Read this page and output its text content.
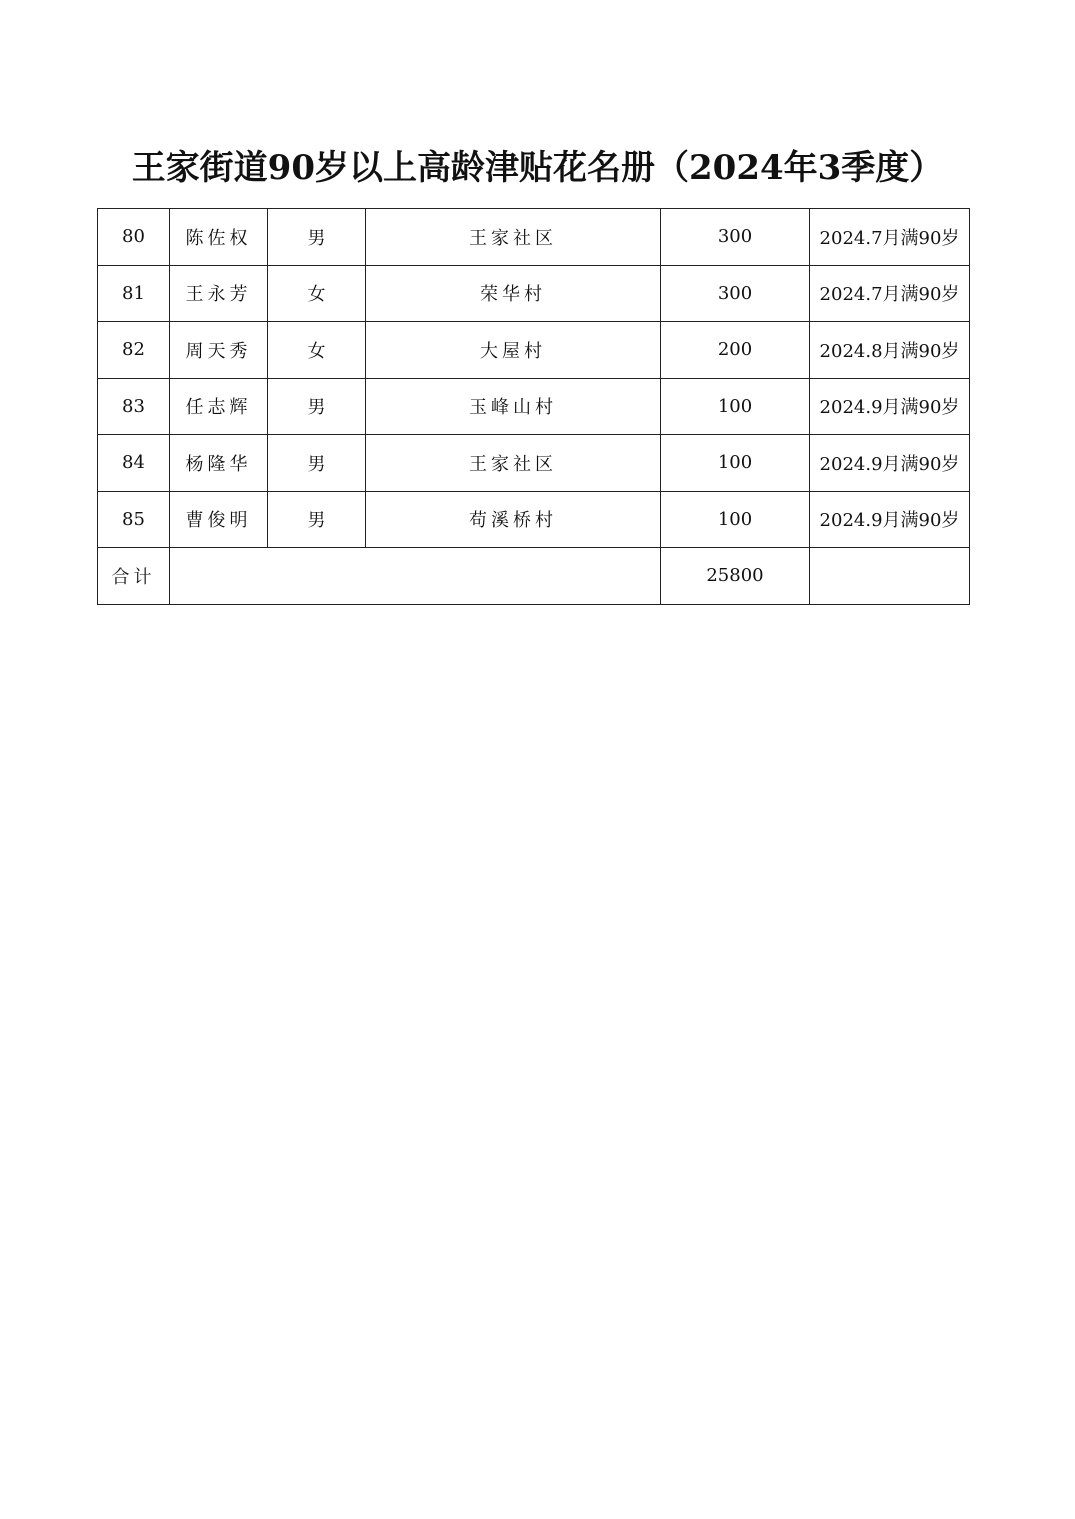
王家街道90岁以上高龄津贴花名册（2024年3季度）
80	陈佐权	男	王家社区	300	2024.7月满90岁
81	王永芳	女	荣华村	300	2024.7月满90岁
82	周天秀	女	大屋村	200	2024.8月满90岁
83	任志辉	男	玉峰山村	100	2024.9月满90岁
84	杨隆华	男	王家社区	100	2024.9月满90岁
85	曹俊明	男	苟溪桥村	100	2024.9月满90岁
合计				25800	
